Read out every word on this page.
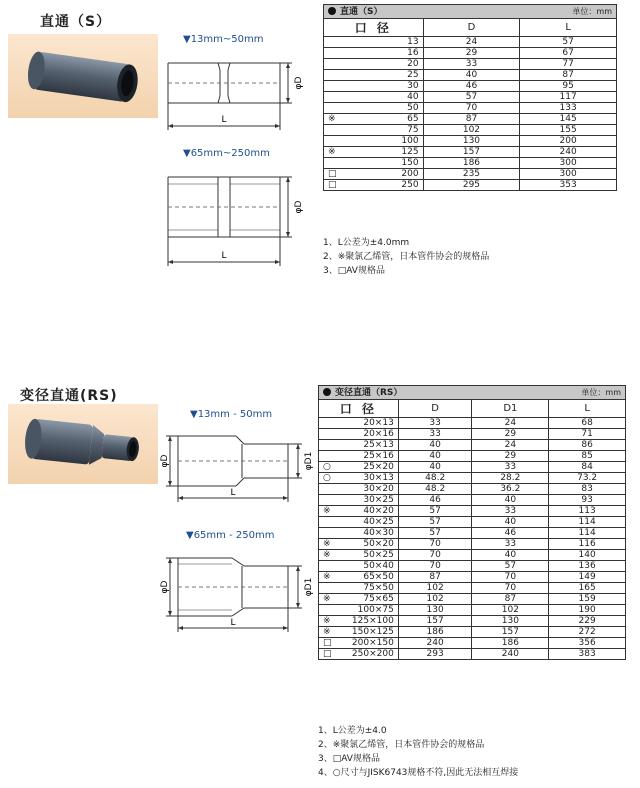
直通（S）
▼13mm~50mm
φD
L
▼65mm~250mm
φD
L
直通（S） 单位：mm		

口 径	D	L
13	24	57
16	29	67
20	33	77
25	40	87
30	46	95
40	57	117
50	70	133

※ 65	87	145
75	102	155
100	130	200

※ 125	157	240
150	186	300

□ 200	235	300

□ 250	295	353
1、L公差为±4.0mm
2、※聚氯乙烯管，日本管件协会的规格品
3、□AV规格品
变径直通(RS)
▼13mm - 50mm
φD	φD1
L
▼65mm - 250mm
φD	φD1
L
变径直通（RS） 单位：mm			

口 径	D	D1	L
20×13	33	24	68
20×16	33	29	71
25×13	40	24	86
25×16	40	29	85

○ 25×20	40	33	84

○ 30×13	48.2	28.2	73.2
30×20	48.2	36.2	83
30×25	46	40	93

※ 40×20	57	33	113
40×25	57	40	114
40×30	57	46	114

※ 50×20	70	33	116

※ 50×25	70	40	140
50×40	70	57	136

※ 65×50	87	70	149
75×50	102	70	165

※ 75×65	102	87	159
100×75	130	102	190

※ 125×100	157	130	229

※ 150×125	186	157	272

□ 200×150	240	186	356

□ 250×200	293	240	383
1、L公差为±4.0
2、※聚氯乙烯管，日本管件协会的规格品
3、□AV规格品
4、○尺寸与JISK6743规格不符,因此无法相互焊接
